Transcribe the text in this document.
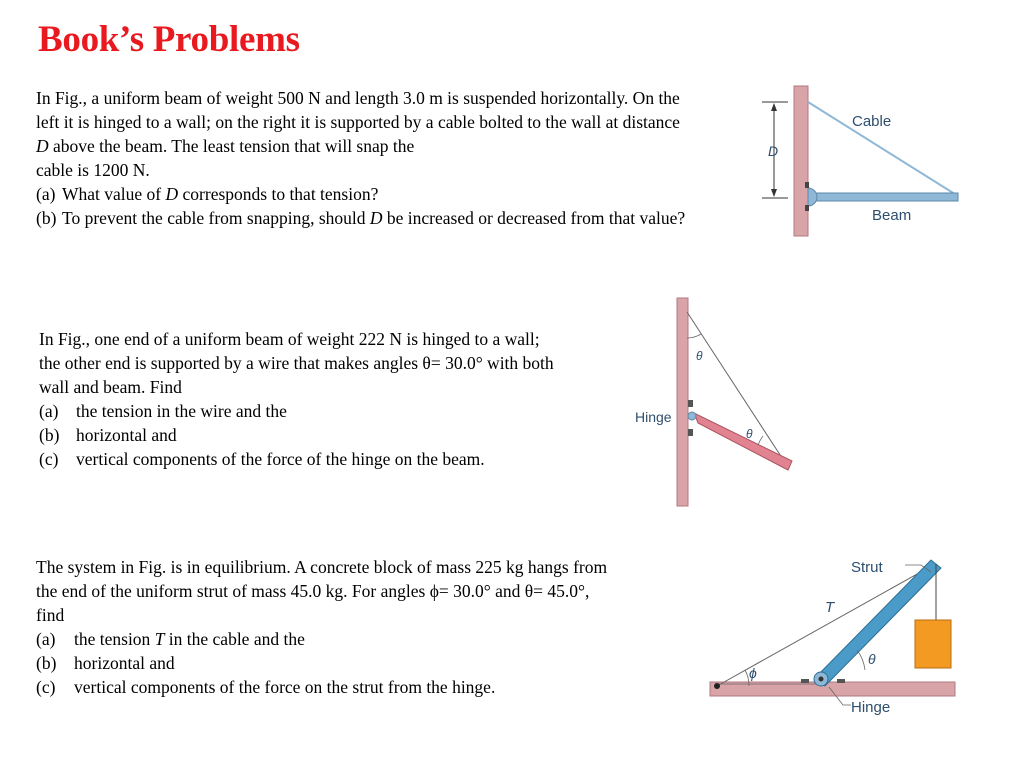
Book’s Problems

In Fig., a uniform beam of weight 500 N and length 3.0 m is suspended horizontally. On the left it is hinged to a wall; on the right it is supported by a cable bolted to the wall at distance D above the beam. The least tension that will snap the

cable is 1200 N.

(a) What value of D corresponds to that tension?
(b) To prevent the cable from snapping, should D be increased or decreased from that value?
D
Cable
Beam

In Fig., one end of a uniform beam of weight 222 N is hinged to a wall;

the other end is supported by a wire that makes angles θ= 30.0° with both

wall and beam. Find

(a)	the tension in the wire and the
(b) horizontal and
(c)	vertical components of the force of the hinge on the beam.
θ
θ
Hinge

The system in Fig. is in equilibrium. A concrete block of mass 225 kg hangs from

the end of the uniform strut of mass 45.0 kg. For angles ϕ= 30.0° and θ= 45.0°,

find

(a)	the tension T in the cable and the
(b)	horizontal and
(c)	vertical components of the force on the strut from the hinge.
ϕ
θ
Strut
T
Hinge
